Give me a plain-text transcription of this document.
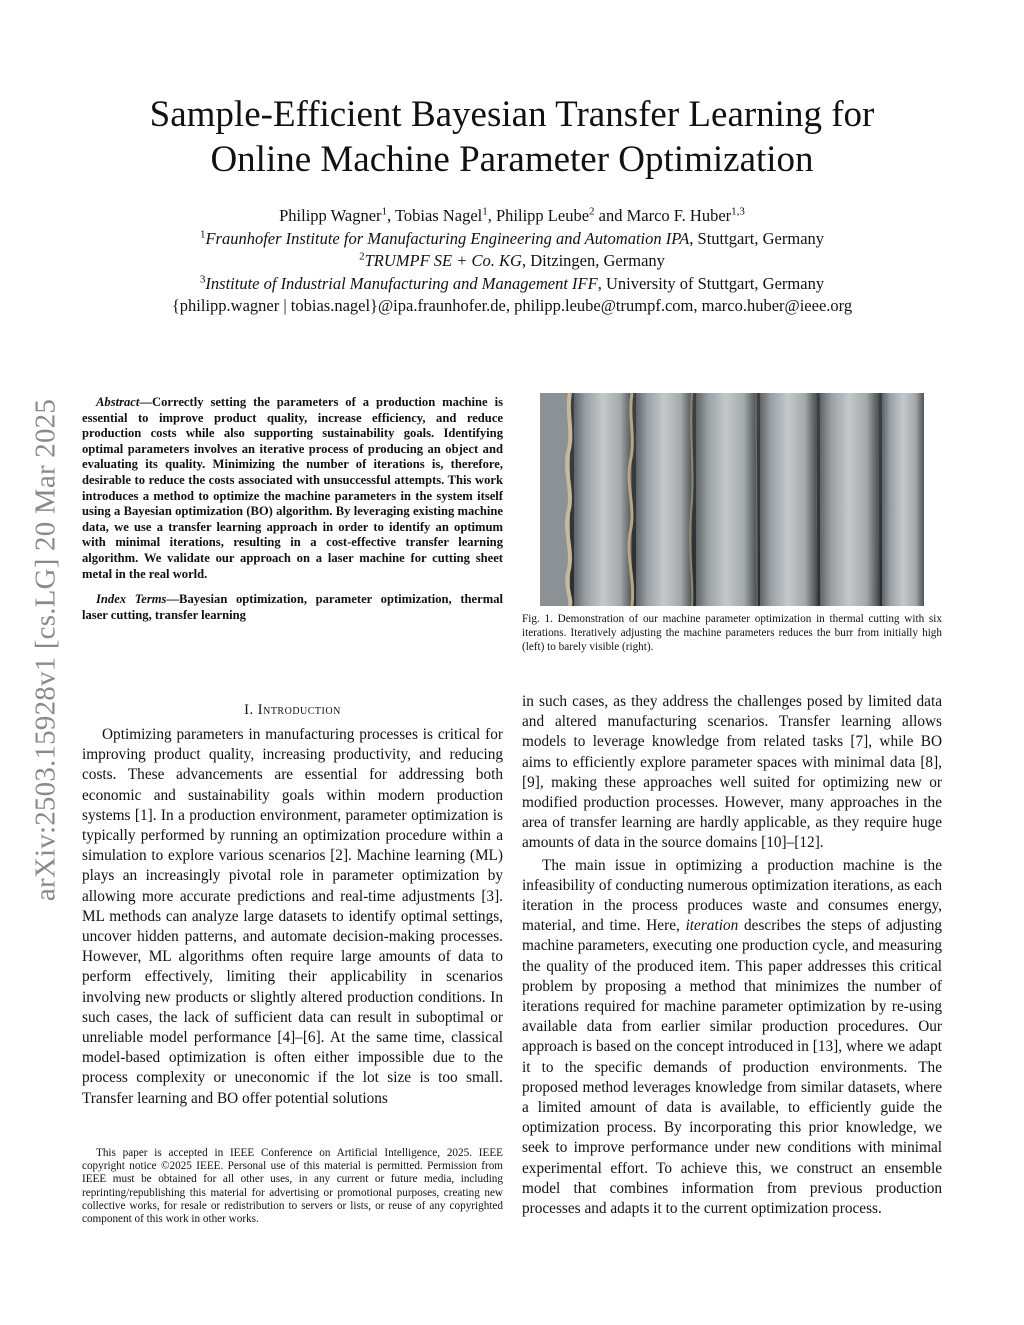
arXiv:2503.15928v1 [cs.LG] 20 Mar 2025
Sample-Efficient Bayesian Transfer Learning for
Online Machine Parameter Optimization
Philipp Wagner$^1$, Tobias Nagel$^1$, Philipp Leube$^2$ and Marco F. Huber$^{1,3}$
$^1$Fraunhofer Institute for Manufacturing Engineering and Automation IPA, Stuttgart, Germany
$^2$TRUMPF SE + Co. KG, Ditzingen, Germany
$^3$Institute of Industrial Manufacturing and Management IFF, University of Stuttgart, Germany
{philipp.wagner | tobias.nagel}@ipa.fraunhofer.de, philipp.leube@trumpf.com, marco.huber@ieee.org

Abstract—Correctly setting the parameters of a production machine is essential to improve product quality, increase efficiency, and reduce production costs while also supporting sustainability goals. Identifying optimal parameters involves an iterative process of producing an object and evaluating its quality. Minimizing the number of iterations is, therefore, desirable to reduce the costs associated with unsuccessful attempts. This work introduces a method to optimize the machine parameters in the system itself using a Bayesian optimization (BO) algorithm. By leveraging existing machine data, we use a transfer learning approach in order to identify an optimum with minimal iterations, resulting in a cost-effective transfer learning algorithm. We validate our approach on a laser machine for cutting sheet metal in the real world.

Index Terms—Bayesian optimization, parameter optimization, thermal laser cutting, transfer learning	Fig. 1. Demonstration of our machine parameter optimization in thermal cutting with six iterations. Iteratively adjusting the machine parameters reduces the burr from initially high (left) to barely visible (right).

I. Introduction

Optimizing parameters in manufacturing processes is critical for improving product quality, increasing productivity, and reducing costs. These advancements are essential for addressing both economic and sustainability goals within modern production systems [1]. In a production environment, parameter optimization is typically performed by running an optimization procedure within a simulation to explore various scenarios [2]. Machine learning (ML) plays an increasingly pivotal role in parameter optimization by allowing more accurate predictions and real-time adjustments [3]. ML methods can analyze large datasets to identify optimal settings, uncover hidden patterns, and automate decision-making processes. However, ML algorithms often require large amounts of data to perform effectively, limiting their applicability in scenarios involving new products or slightly altered production conditions. In such cases, the lack of sufficient data can result in suboptimal or unreliable model performance [4]–[6]. At the same time, classical model-based optimization is often either impossible due to the process complexity or uneconomic if the lot size is too small. Transfer learning and BO offer potential solutions

This paper is accepted in IEEE Conference on Artificial Intelligence, 2025. IEEE copyright notice ©2025 IEEE. Personal use of this material is permitted. Permission from IEEE must be obtained for all other uses, in any current or future media, including reprinting/republishing this material for advertising or promotional purposes, creating new collective works, for resale or redistribution to servers or lists, or reuse of any copyrighted component of this work in other works.

in such cases, as they address the challenges posed by limited data and altered manufacturing scenarios. Transfer learning allows models to leverage knowledge from related tasks [7], while BO aims to efficiently explore parameter spaces with minimal data [8], [9], making these approaches well suited for optimizing new or modified production processes. However, many approaches in the area of transfer learning are hardly applicable, as they require huge amounts of data in the source domains [10]–[12].

The main issue in optimizing a production machine is the infeasibility of conducting numerous optimization iterations, as each iteration in the process produces waste and consumes energy, material, and time. Here, iteration describes the steps of adjusting machine parameters, executing one production cycle, and measuring the quality of the produced item. This paper addresses this critical problem by proposing a method that minimizes the number of iterations required for machine parameter optimization by re-using available data from earlier similar production procedures. Our approach is based on the concept introduced in [13], where we adapt it to the specific demands of production environments. The proposed method leverages knowledge from similar datasets, where a limited amount of data is available, to efficiently guide the optimization process. By incorporating this prior knowledge, we seek to improve performance under new conditions with minimal experimental effort. To achieve this, we construct an ensemble model that combines information from previous production processes and adapts it to the current optimization process.
